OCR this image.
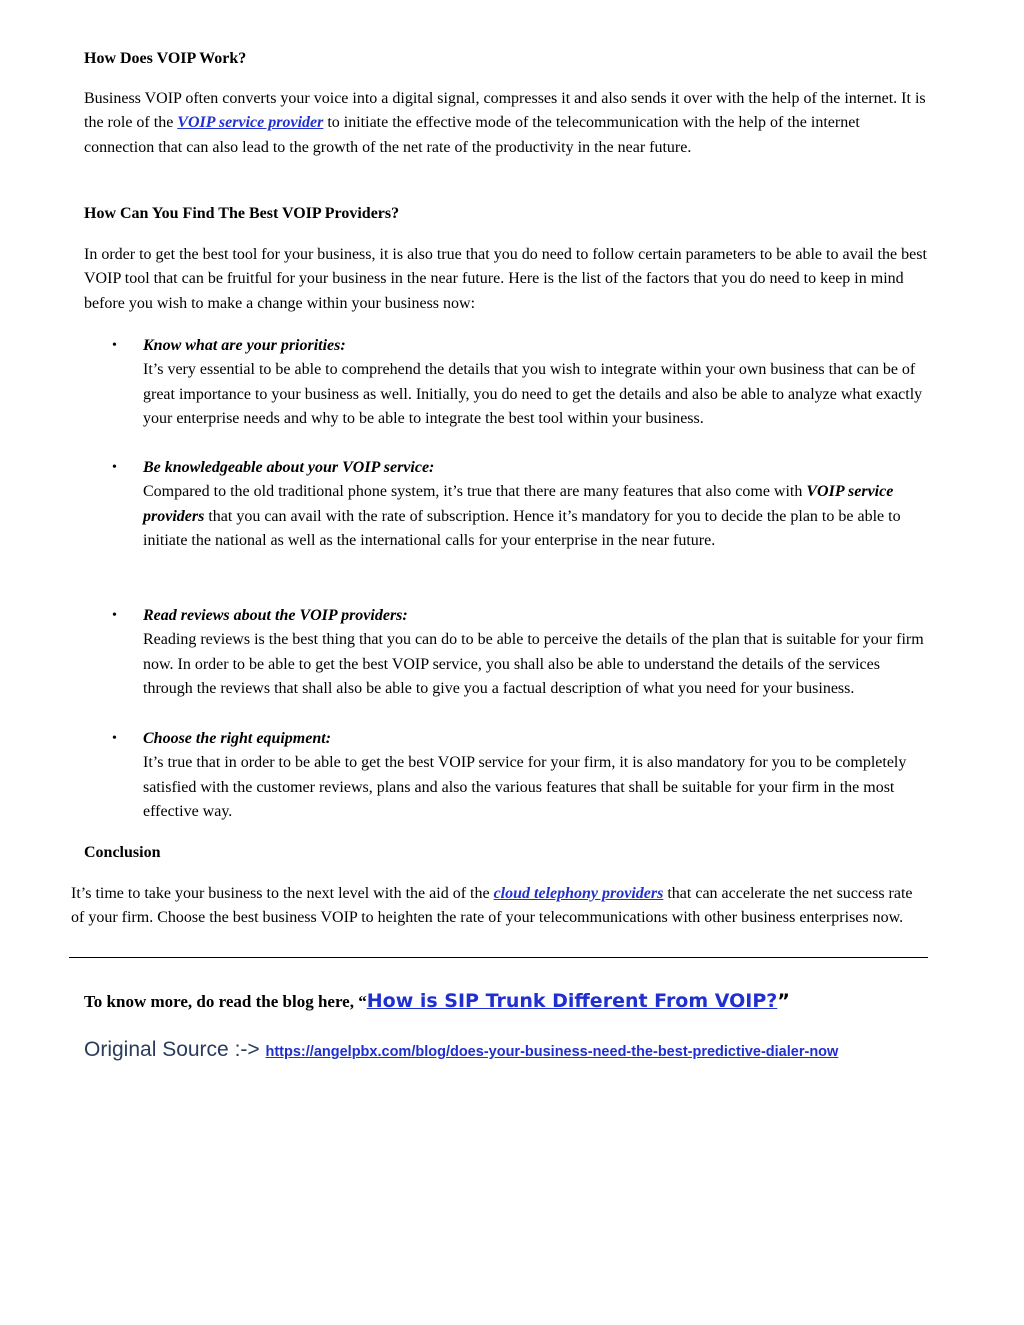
How Does VOIP Work?

Business VOIP often converts your voice into a digital signal, compresses it and also sends it over with the help of the internet. It is the role of the VOIP service provider to initiate the effective mode of the telecommunication with the help of the internet connection that can also lead to the growth of the net rate of the productivity in the near future.

How Can You Find The Best VOIP Providers?

In order to get the best tool for your business, it is also true that you do need to follow certain parameters to be able to avail the best VOIP tool that can be fruitful for your business in the near future. Here is the list of the factors that you do need to keep in mind before you wish to make a change within your business now:

• Know what are your priorities:

It’s very essential to be able to comprehend the details that you wish to integrate within your own business that can be of great importance to your business as well. Initially, you do need to get the details and also be able to analyze what exactly your enterprise needs and why to be able to integrate the best tool within your business.

• Be knowledgeable about your VOIP service:

Compared to the old traditional phone system, it’s true that there are many features that also come with VOIP service providers that you can avail with the rate of subscription. Hence it’s mandatory for you to decide the plan to be able to initiate the national as well as the international calls for your enterprise in the near future.

• Read reviews about the VOIP providers:

Reading reviews is the best thing that you can do to be able to perceive the details of the plan that is suitable for your firm now. In order to be able to get the best VOIP service, you shall also be able to understand the details of the services through the reviews that shall also be able to give you a factual description of what you need for your business.

• Choose the right equipment:

It’s true that in order to be able to get the best VOIP service for your firm, it is also mandatory for you to be completely satisfied with the customer reviews, plans and also the various features that shall be suitable for your firm in the most effective way.

Conclusion

It’s time to take your business to the next level with the aid of the cloud telephony providers that can accelerate the net success rate of your firm. Choose the best business VOIP to heighten the rate of your telecommunications with other business enterprises now.

To know more, do read the blog here, “How is SIP Trunk Different From VOIP?”
Original Source :-> https://angelpbx.com/blog/does-your-business-need-the-best-predictive-dialer-now
